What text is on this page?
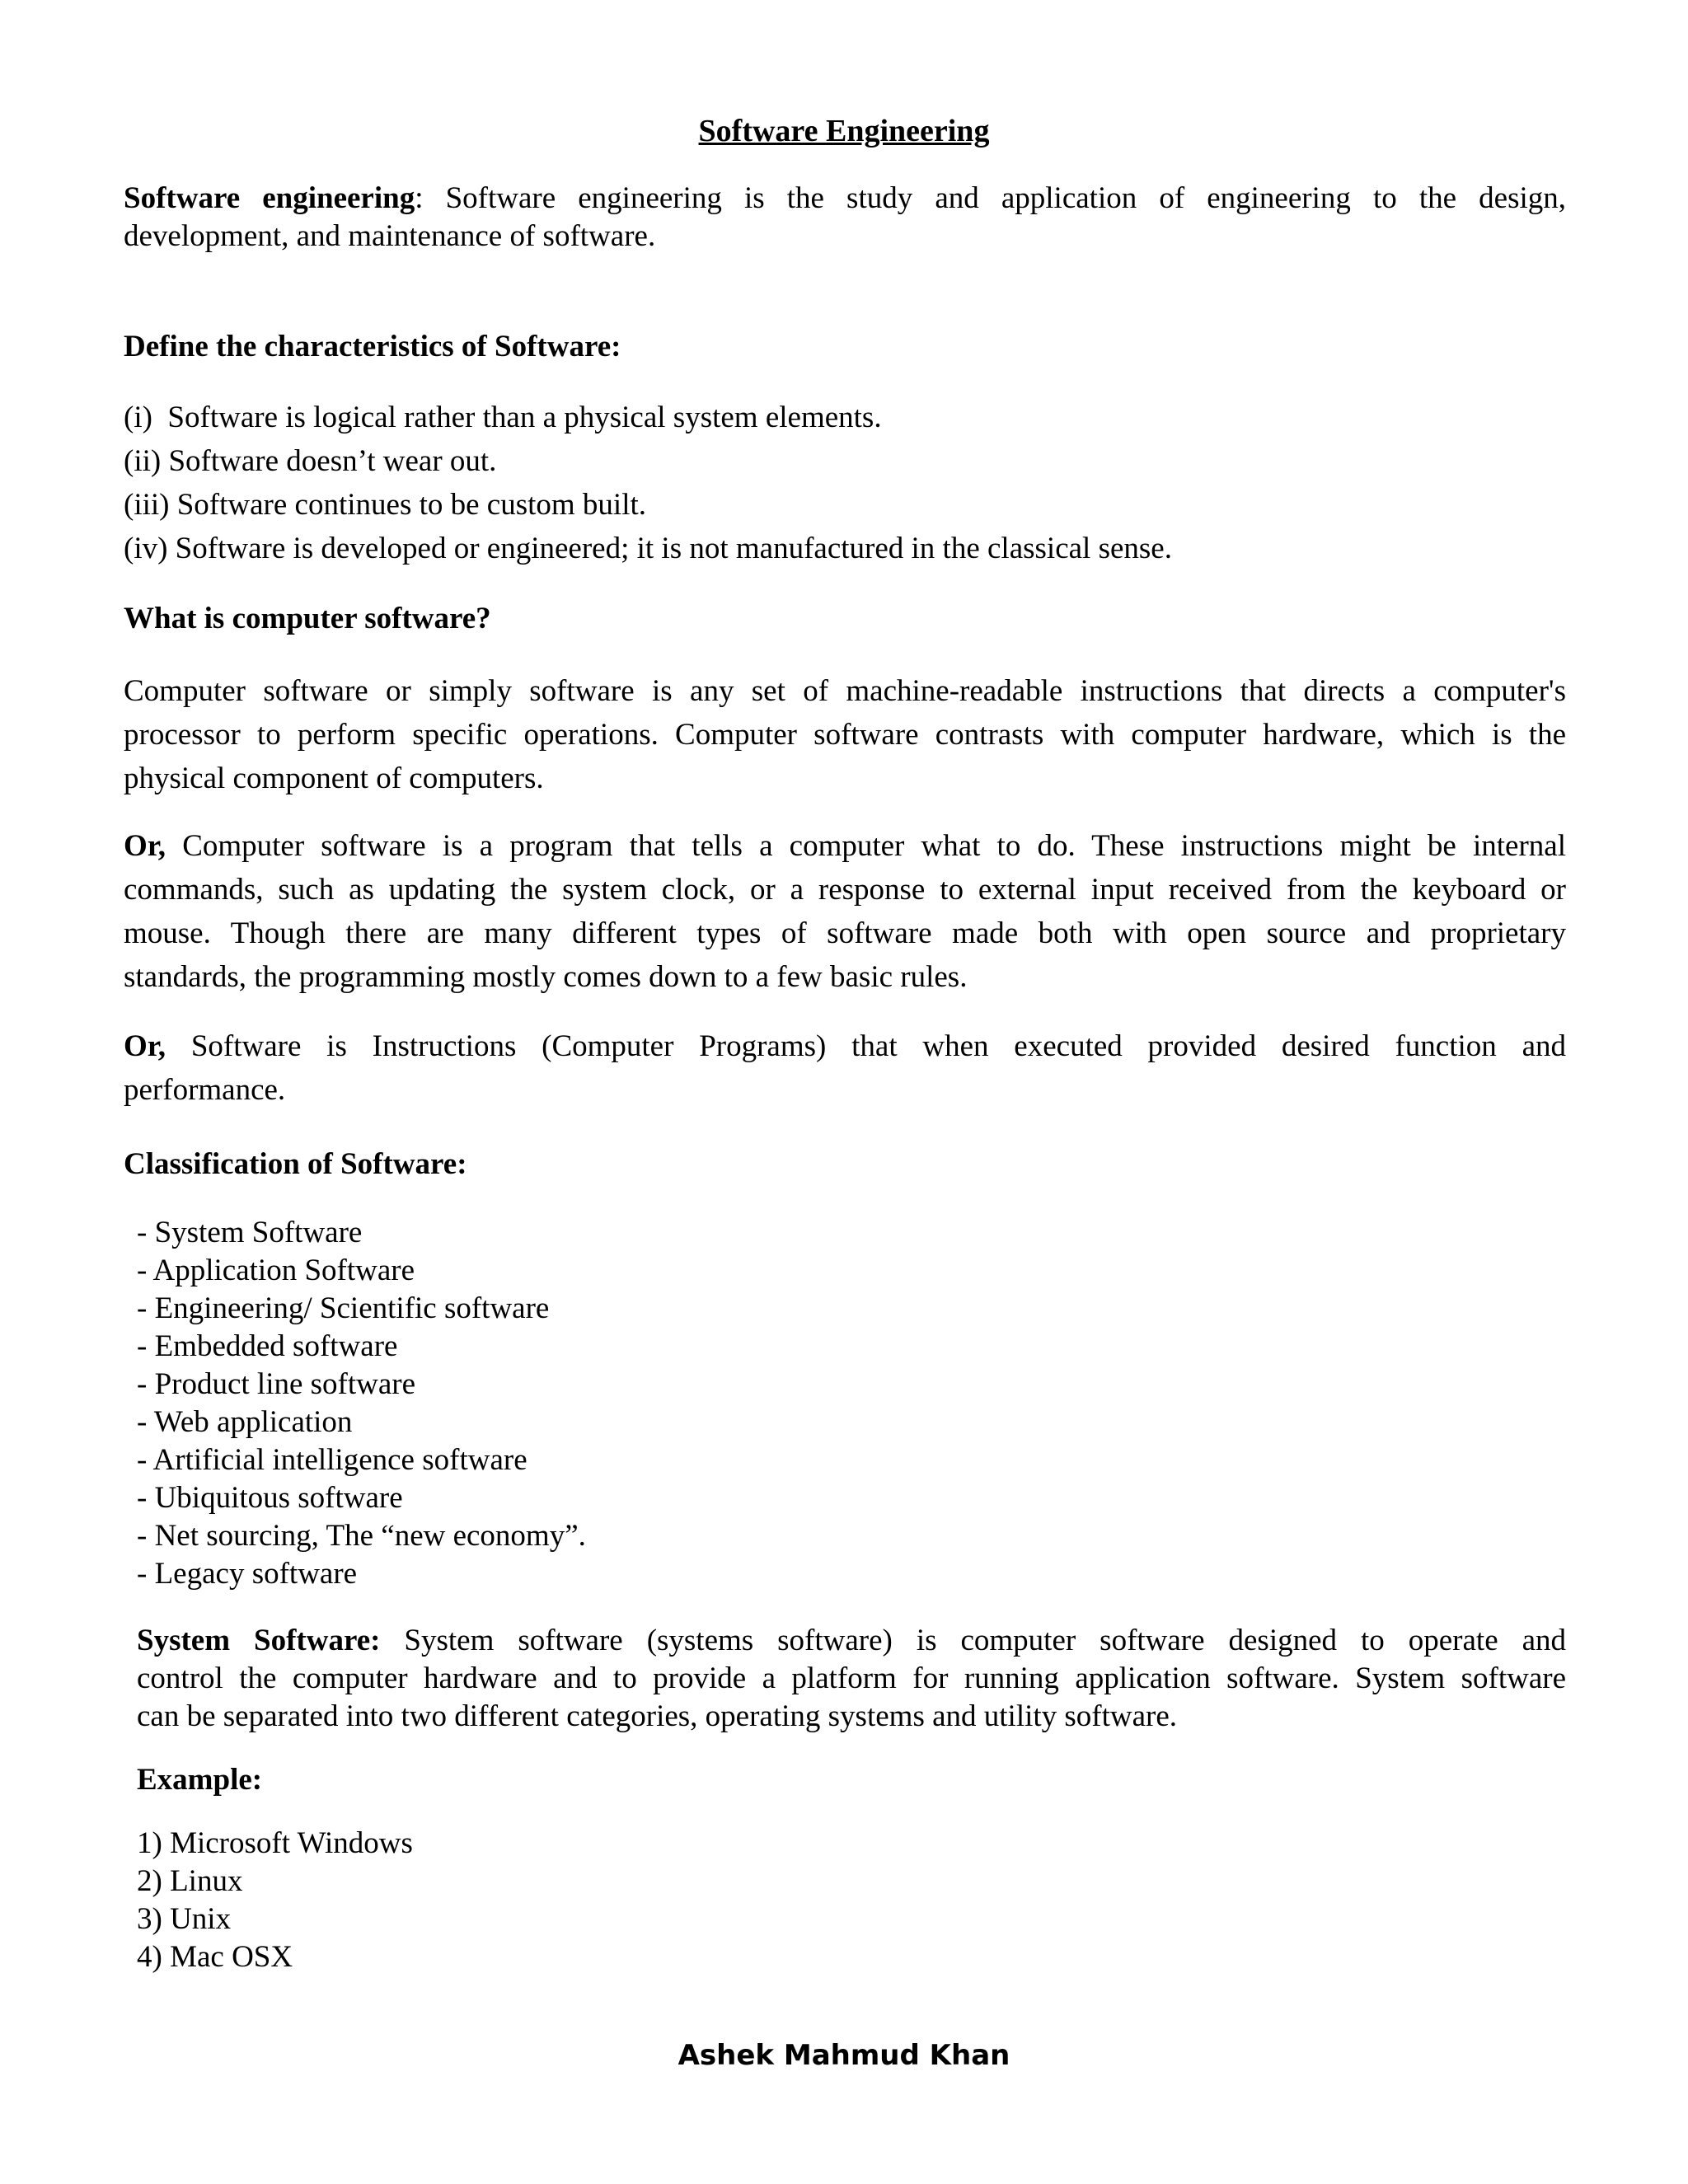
Software Engineering
Software engineering: Software engineering is the study and application of engineering to the design,
development, and maintenance of software.
Define the characteristics of Software:
(i)  Software is logical rather than a physical system elements.
(ii) Software doesn’t wear out.
(iii) Software continues to be custom built.
(iv) Software is developed or engineered; it is not manufactured in the classical sense.
What is computer software?
Computer software or simply software is any set of machine-readable instructions that directs a computer's
processor to perform specific operations. Computer software contrasts with computer hardware, which is the
physical component of computers.
Or, Computer software is a program that tells a computer what to do. These instructions might be internal
commands, such as updating the system clock, or a response to external input received from the keyboard or
mouse. Though there are many different types of software made both with open source and proprietary
standards, the programming mostly comes down to a few basic rules.
Or, Software is Instructions (Computer Programs) that when executed provided desired function and
performance.
Classification of Software:
- System Software
- Application Software
- Engineering/ Scientific software
- Embedded software
- Product line software
- Web application
- Artificial intelligence software
- Ubiquitous software
- Net sourcing, The “new economy”.
- Legacy software
System Software: System software (systems software) is computer software designed to operate and
control the computer hardware and to provide a platform for running application software. System software
can be separated into two different categories, operating systems and utility software.
Example:
1) Microsoft Windows
2) Linux
3) Unix
4) Mac OSX
Ashek Mahmud Khan
